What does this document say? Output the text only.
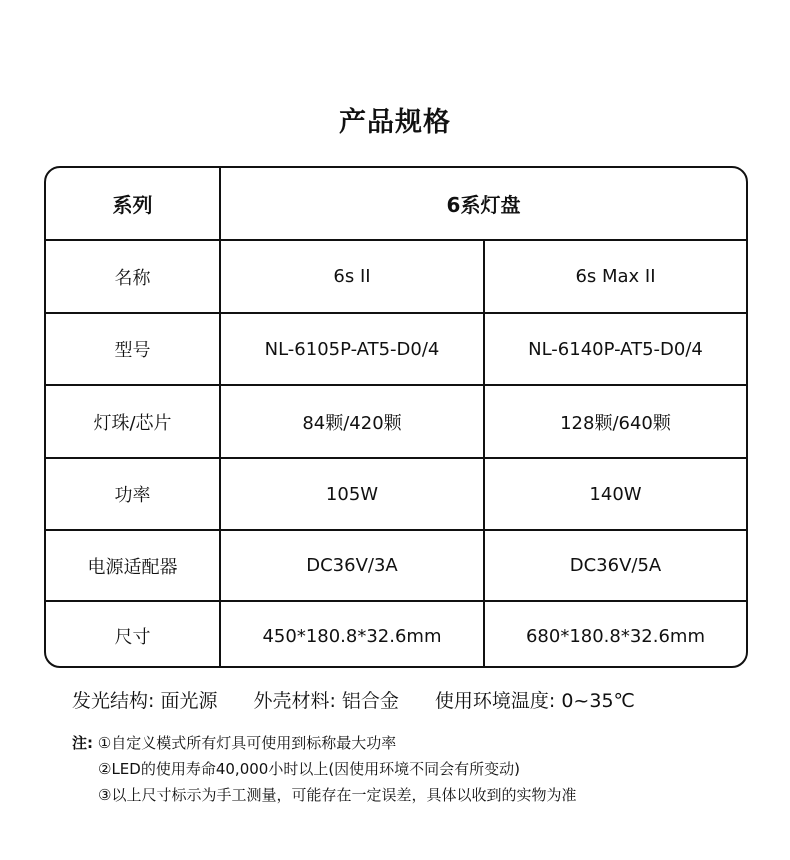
产品规格
系列	6系灯盘
名称	6s II	6s Max II
型号	NL-6105P-AT5-D0/4	NL-6140P-AT5-D0/4
灯珠/芯片	84颗/420颗	128颗/640颗
功率	105W	140W
电源适配器	DC36V/3A	DC36V/5A
尺寸	450*180.8*32.6mm	680*180.8*32.6mm
发光结构: 面光源 外壳材料: 铝合金 使用环境温度: 0~35℃
注: ①自定义模式所有灯具可使用到标称最大功率
②LED的使用寿命40,000小时以上(因使用环境不同会有所变动)
③以上尺寸标示为手工测量，可能存在一定误差，具体以收到的实物为准
